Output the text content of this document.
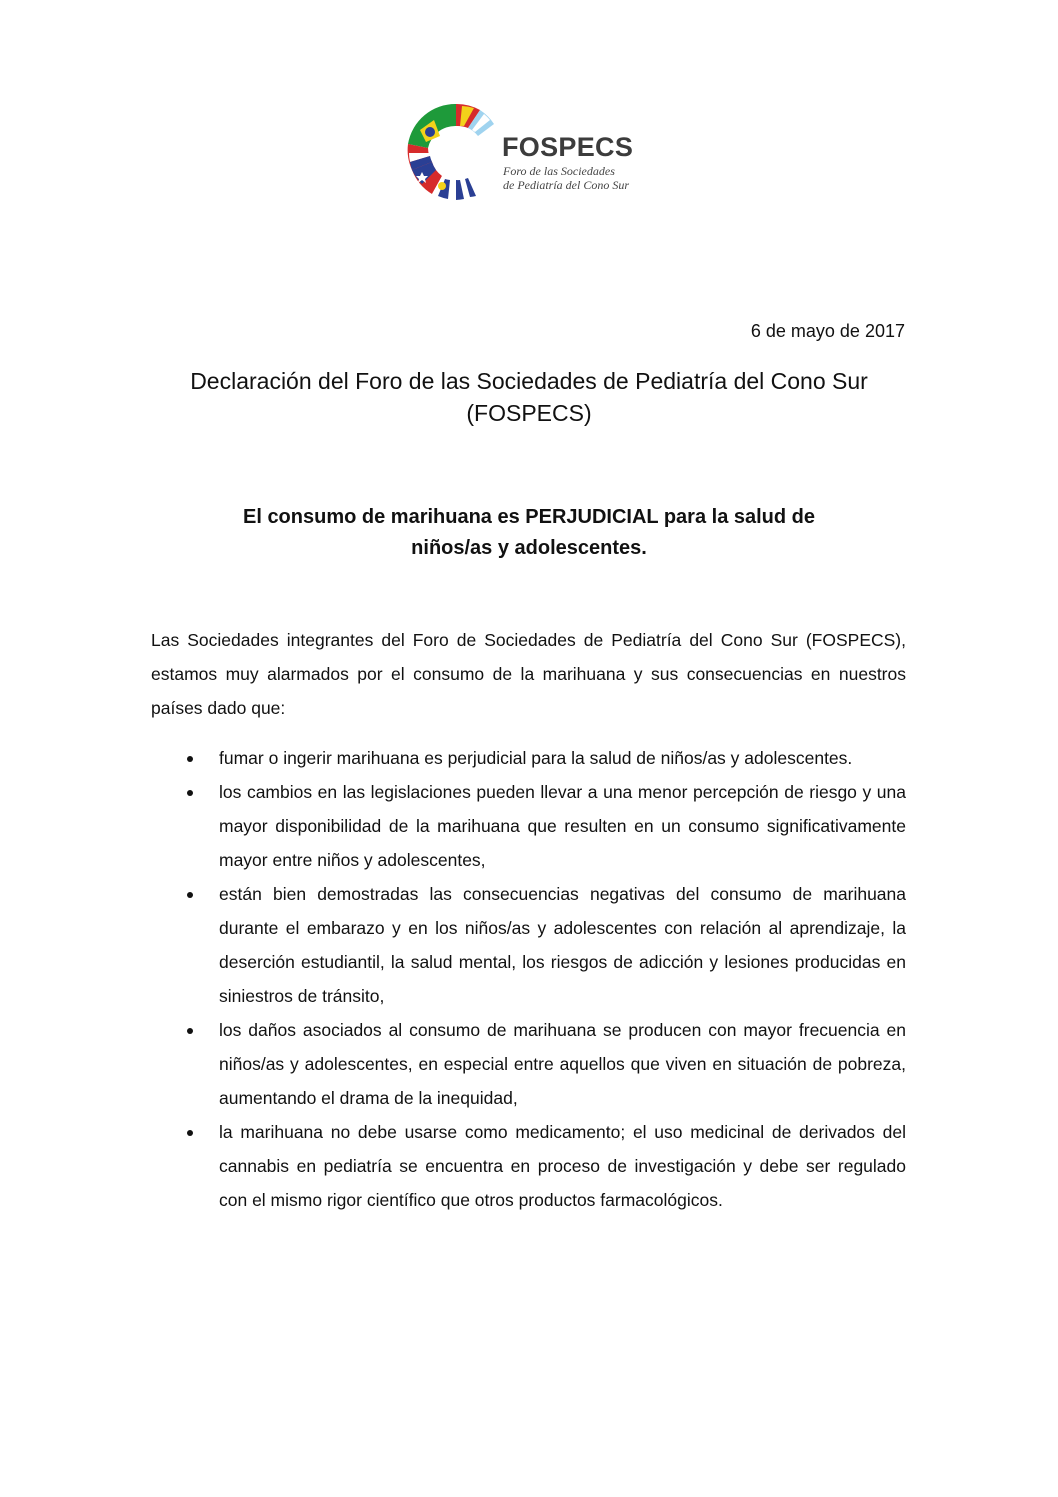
FOSPECS
Foro de las Sociedades
de Pediatría del Cono Sur
6 de mayo de 2017
Declaración del Foro de las Sociedades de Pediatría del Cono Sur
(FOSPECS)
El consumo de marihuana es PERJUDICIAL para la salud de
niños/as y adolescentes.

Las Sociedades integrantes del Foro de Sociedades de Pediatría del Cono Sur (FOSPECS), estamos muy alarmados por el consumo de la marihuana y sus consecuencias en nuestros países dado que:

fumar o ingerir marihuana es perjudicial para la salud de niños/as y adolescentes.
los cambios en las legislaciones pueden llevar a una menor percepción de riesgo y una mayor disponibilidad de la marihuana que resulten en un consumo significativamente mayor entre niños y adolescentes,
están bien demostradas las consecuencias negativas del consumo de marihuana durante el embarazo y en los niños/as y adolescentes con relación al aprendizaje, la deserción estudiantil, la salud mental, los riesgos de adicción y lesiones producidas en siniestros de tránsito,
los daños asociados al consumo de marihuana se producen con mayor frecuencia en niños/as y adolescentes, en especial entre aquellos que viven en situación de pobreza, aumentando el drama de la inequidad,
la marihuana no debe usarse como medicamento; el uso medicinal de derivados del cannabis en pediatría se encuentra en proceso de investigación y debe ser regulado con el mismo rigor científico que otros productos farmacológicos.
